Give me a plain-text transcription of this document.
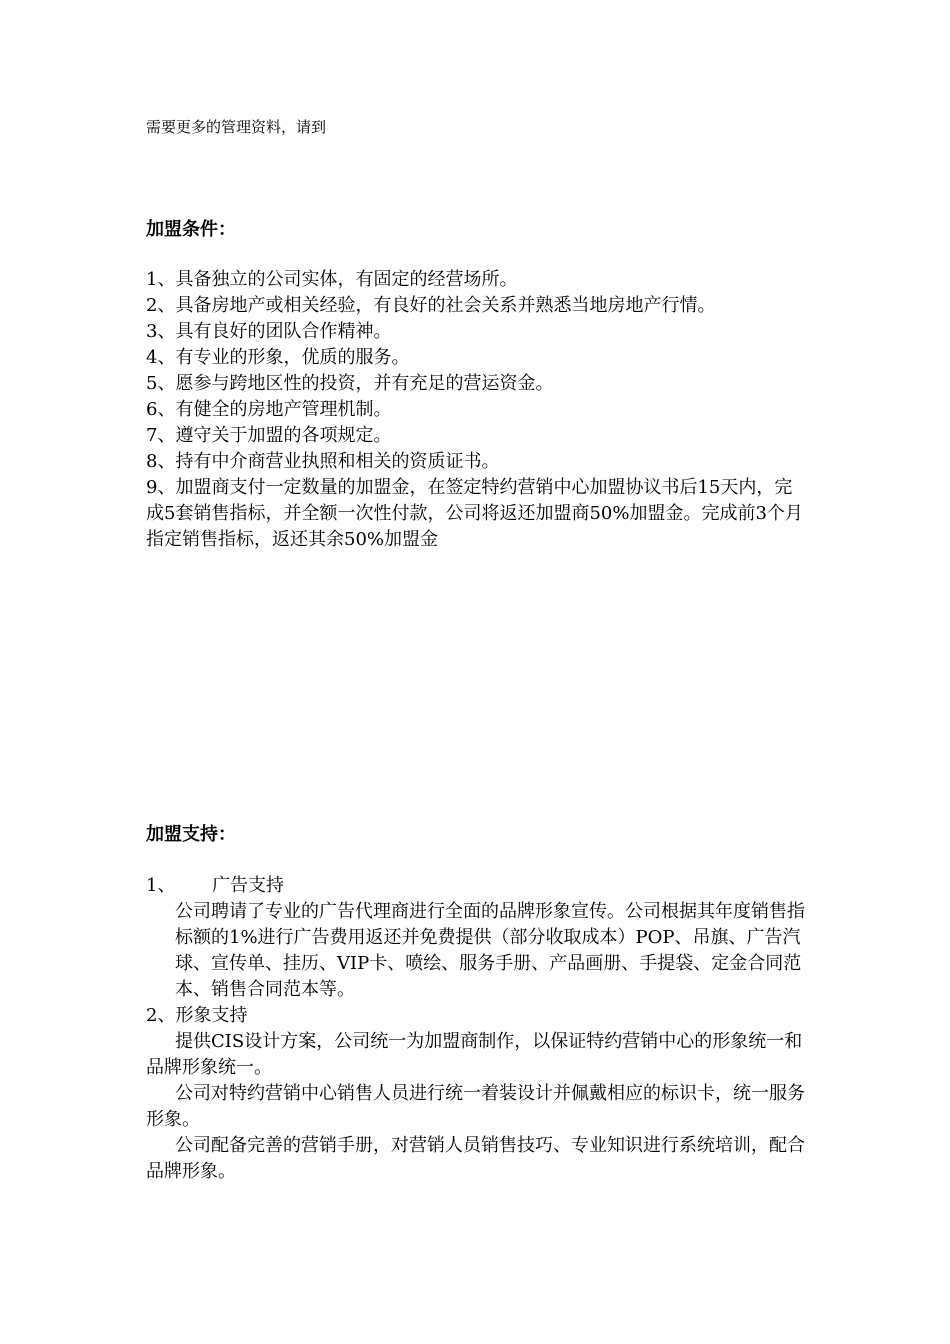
需要更多的管理资料，请到
加盟条件：

1、具备独立的公司实体，有固定的经营场所。

2、具备房地产或相关经验，有良好的社会关系并熟悉当地房地产行情。

3、具有良好的团队合作精神。

4、有专业的形象，优质的服务。

5、愿参与跨地区性的投资，并有充足的营运资金。

6、有健全的房地产管理机制。

7、遵守关于加盟的各项规定。

8、持有中介商营业执照和相关的资质证书。

9、加盟商支付一定数量的加盟金，在签定特约营销中心加盟协议书后15天内，完成5套销售指标，并全额一次性付款，公司将返还加盟商50%加盟金。完成前3个月指定销售指标，返还其余50%加盟金

加盟支持：

1、 广告支持

公司聘请了专业的广告代理商进行全面的品牌形象宣传。公司根据其年度销售指标额的1%进行广告费用返还并免费提供（部分收取成本）POP、吊旗、广告汽球、宣传单、挂历、VIP卡、喷绘、服务手册、产品画册、手提袋、定金合同范本、销售合同范本等。

2、形象支持

提供CIS设计方案，公司统一为加盟商制作，以保证特约营销中心的形象统一和品牌形象统一。

公司对特约营销中心销售人员进行统一着装设计并佩戴相应的标识卡，统一服务形象。

公司配备完善的营销手册，对营销人员销售技巧、专业知识进行系统培训，配合品牌形象。
